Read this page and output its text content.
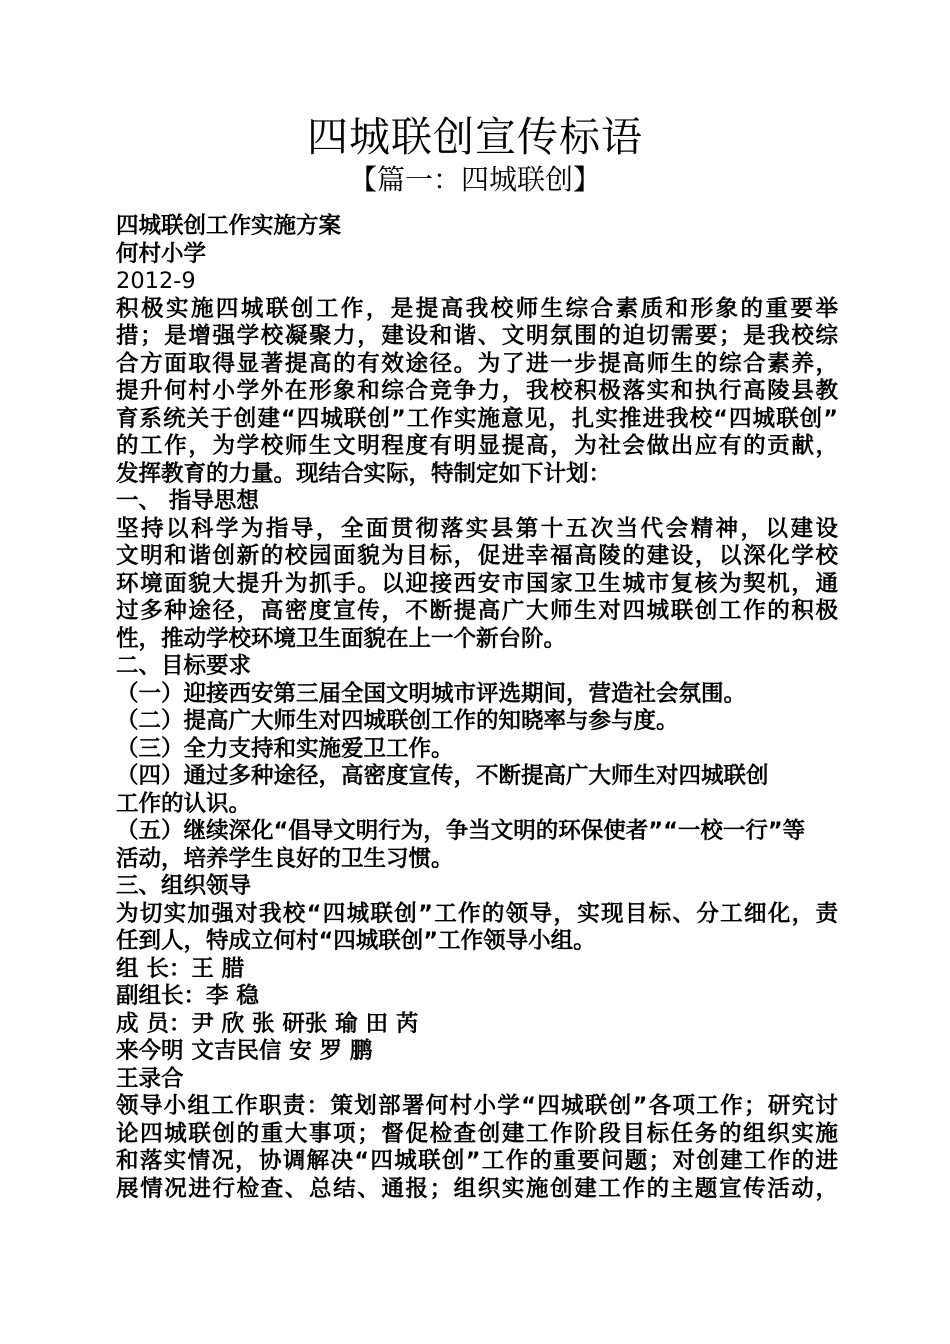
四城联创宣传标语
【篇一：四城联创】
四城联创工作实施方案
何村小学
2012-9
积极实施四城联创工作，是提高我校师生综合素质和形象的重要举
措；是增强学校凝聚力，建设和谐、文明氛围的迫切需要；是我校综
合方面取得显著提高的有效途径。为了进一步提高师生的综合素养，
提升何村小学外在形象和综合竞争力，我校积极落实和执行高陵县教
育系统关于创建“四城联创”工作实施意见，扎实推进我校“四城联创”
的工作，为学校师生文明程度有明显提高，为社会做出应有的贡献，
发挥教育的力量。现结合实际，特制定如下计划：
一、 指导思想
坚持以科学为指导，全面贯彻落实县第十五次当代会精神，以建设
文明和谐创新的校园面貌为目标，促进幸福高陵的建设，以深化学校
环境面貌大提升为抓手。以迎接西安市国家卫生城市复核为契机，通
过多种途径，高密度宣传，不断提高广大师生对四城联创工作的积极
性，推动学校环境卫生面貌在上一个新台阶。
二、目标要求
（一）迎接西安第三届全国文明城市评选期间，营造社会氛围。
（二）提高广大师生对四城联创工作的知晓率与参与度。
（三）全力支持和实施爱卫工作。
（四）通过多种途径，高密度宣传，不断提高广大师生对四城联创
工作的认识。
（五）继续深化“倡导文明行为，争当文明的环保使者”“一校一行”等
活动，培养学生良好的卫生习惯。
三、组织领导
为切实加强对我校“四城联创”工作的领导，实现目标、分工细化，责
任到人，特成立何村“四城联创”工作领导小组。
组 长：王 腊
副组长：李 稳
成 员：尹 欣 张 研张 瑜 田 芮
来今明 文吉民信 安 罗 鹏
王录合
领导小组工作职责：策划部署何村小学“四城联创”各项工作；研究讨
论四城联创的重大事项；督促检查创建工作阶段目标任务的组织实施
和落实情况，协调解决“四城联创”工作的重要问题；对创建工作的进
展情况进行检查、总结、通报；组织实施创建工作的主题宣传活动，
